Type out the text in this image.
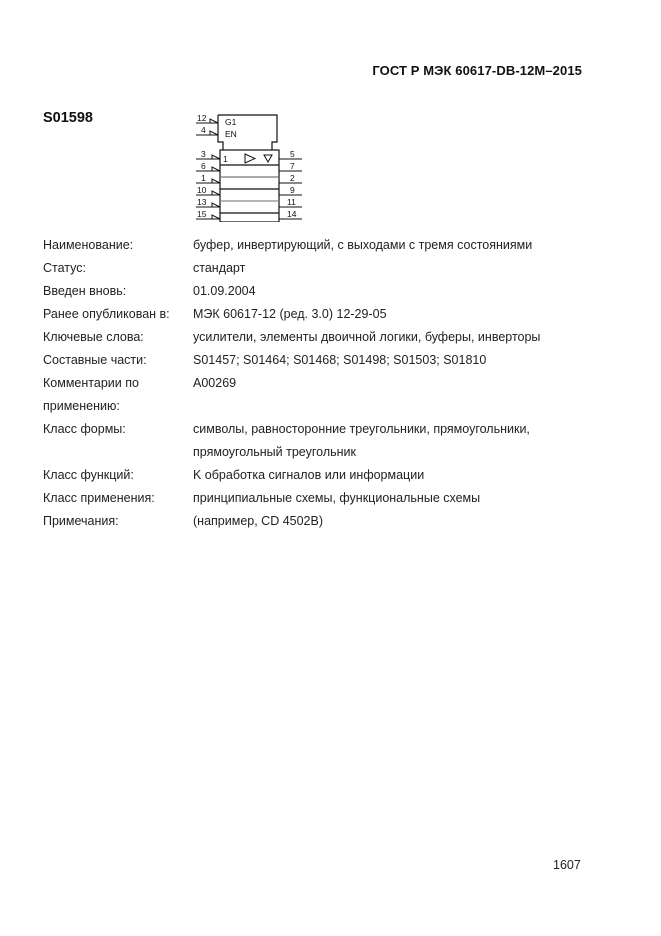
ГОСТ Р МЭК 60617-DB-12M–2015
S01598	G1
EN
12
4
1
3
6
1
10
13
15
5
7
2
9
11
14
Наименование:	буфер, инвертирующий, с выходами с тремя состояниями
Статус:	стандарт
Введен вновь:	01.09.2004
Ранее опубликован в:	МЭК 60617-12 (ред. 3.0) 12-29-05
Ключевые слова:	усилители, элементы двоичной логики, буферы, инверторы
Составные части:	S01457; S01464; S01468; S01498; S01503; S01810
Комментарии по	A00269
применению:
Класс формы:	символы, равносторонние треугольники, прямоугольники,
прямоугольный треугольник
Класс функций:	K обработка сигналов или информации
Класс применения:	принципиальные схемы, функциональные схемы
Примечания:	(например, CD 4502B)
1607
